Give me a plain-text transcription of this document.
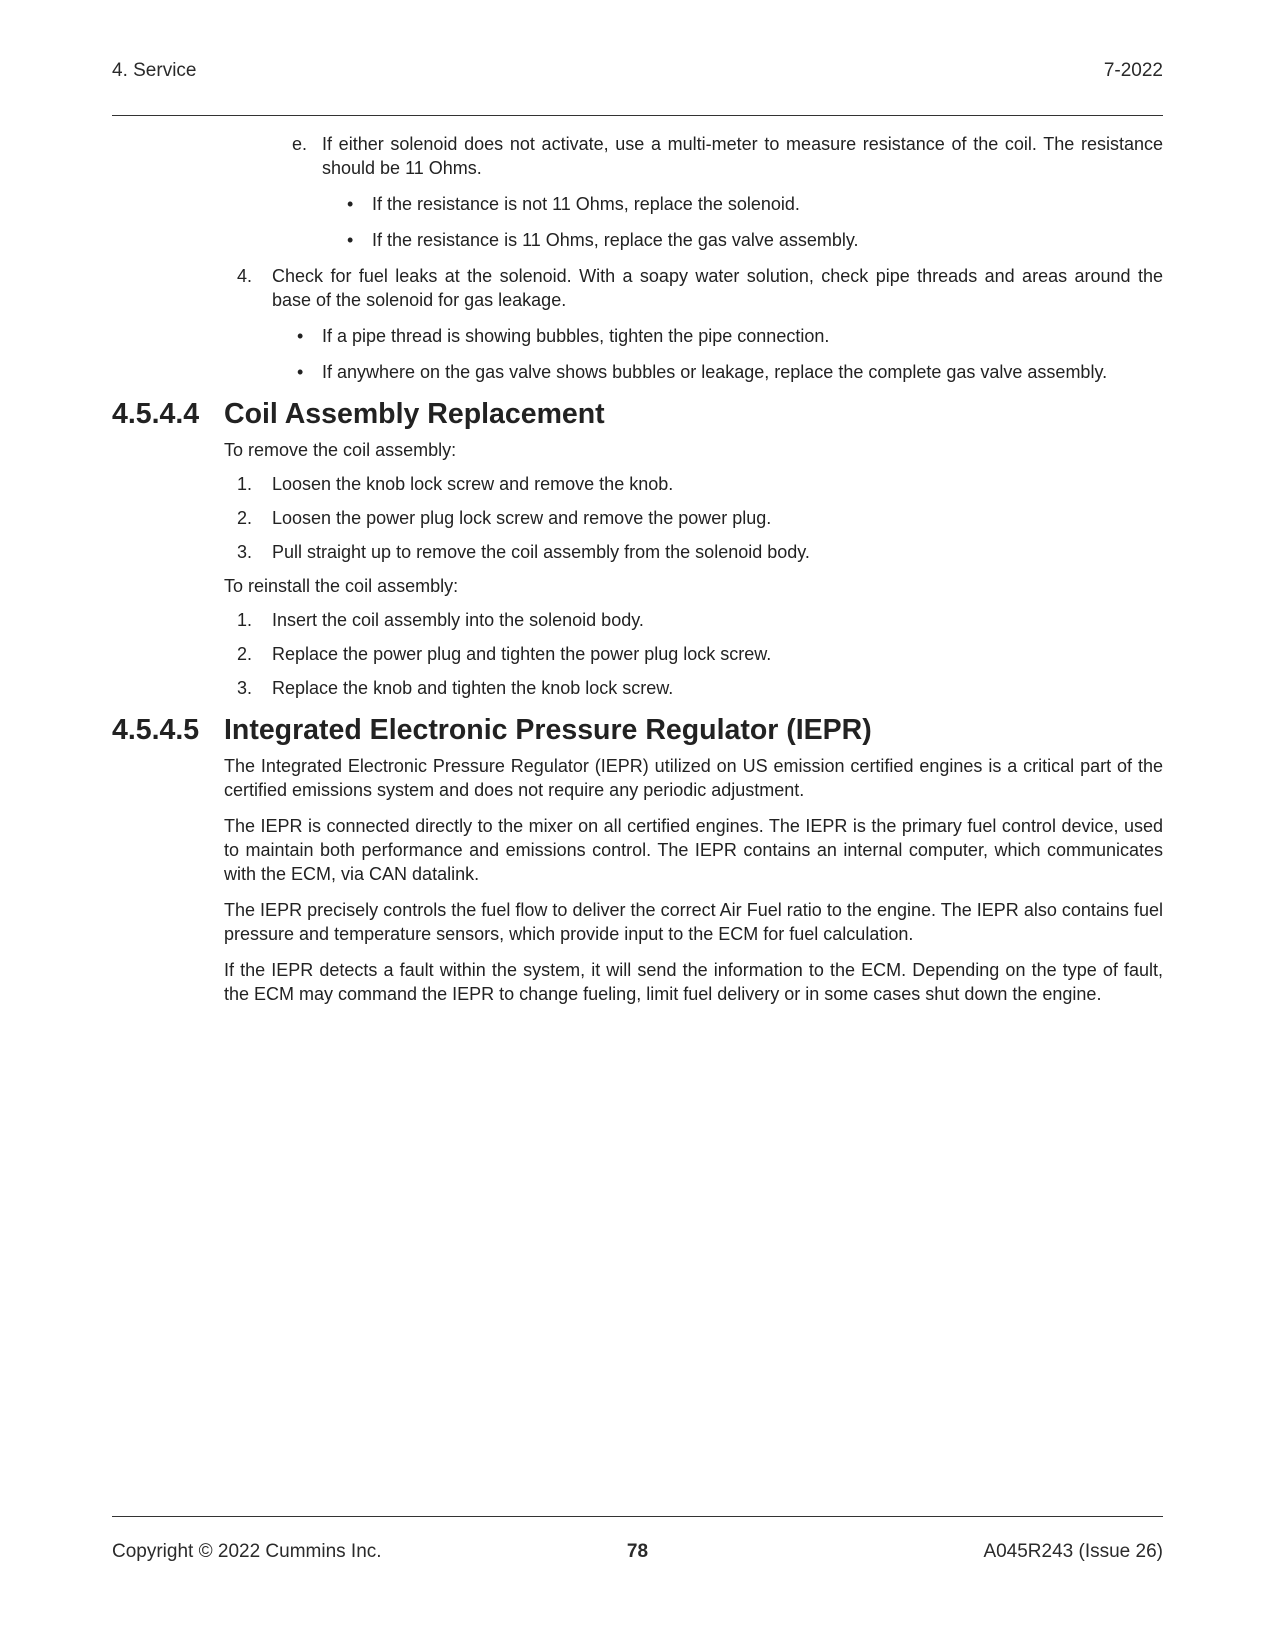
4. Service	7-2022
e. If either solenoid does not activate, use a multi-meter to measure resistance of the coil. The resistance should be 11 Ohms.
• If the resistance is not 11 Ohms, replace the solenoid.
• If the resistance is 11 Ohms, replace the gas valve assembly.
4. Check for fuel leaks at the solenoid. With a soapy water solution, check pipe threads and areas around the base of the solenoid for gas leakage.
• If a pipe thread is showing bubbles, tighten the pipe connection.
• If anywhere on the gas valve shows bubbles or leakage, replace the complete gas valve assembly.
4.5.4.4 Coil Assembly Replacement
To remove the coil assembly:
1. Loosen the knob lock screw and remove the knob.
2. Loosen the power plug lock screw and remove the power plug.
3. Pull straight up to remove the coil assembly from the solenoid body.
To reinstall the coil assembly:
1. Insert the coil assembly into the solenoid body.
2. Replace the power plug and tighten the power plug lock screw.
3. Replace the knob and tighten the knob lock screw.
4.5.4.5 Integrated Electronic Pressure Regulator (IEPR)
The Integrated Electronic Pressure Regulator (IEPR) utilized on US emission certified engines is a critical part of the certified emissions system and does not require any periodic adjustment.
The IEPR is connected directly to the mixer on all certified engines. The IEPR is the primary fuel control device, used to maintain both performance and emissions control. The IEPR contains an internal computer, which communicates with the ECM, via CAN datalink.
The IEPR precisely controls the fuel flow to deliver the correct Air Fuel ratio to the engine. The IEPR also contains fuel pressure and temperature sensors, which provide input to the ECM for fuel calculation.
If the IEPR detects a fault within the system, it will send the information to the ECM. Depending on the type of fault, the ECM may command the IEPR to change fueling, limit fuel delivery or in some cases shut down the engine.
Copyright © 2022 Cummins Inc.	78	A045R243 (Issue 26)
